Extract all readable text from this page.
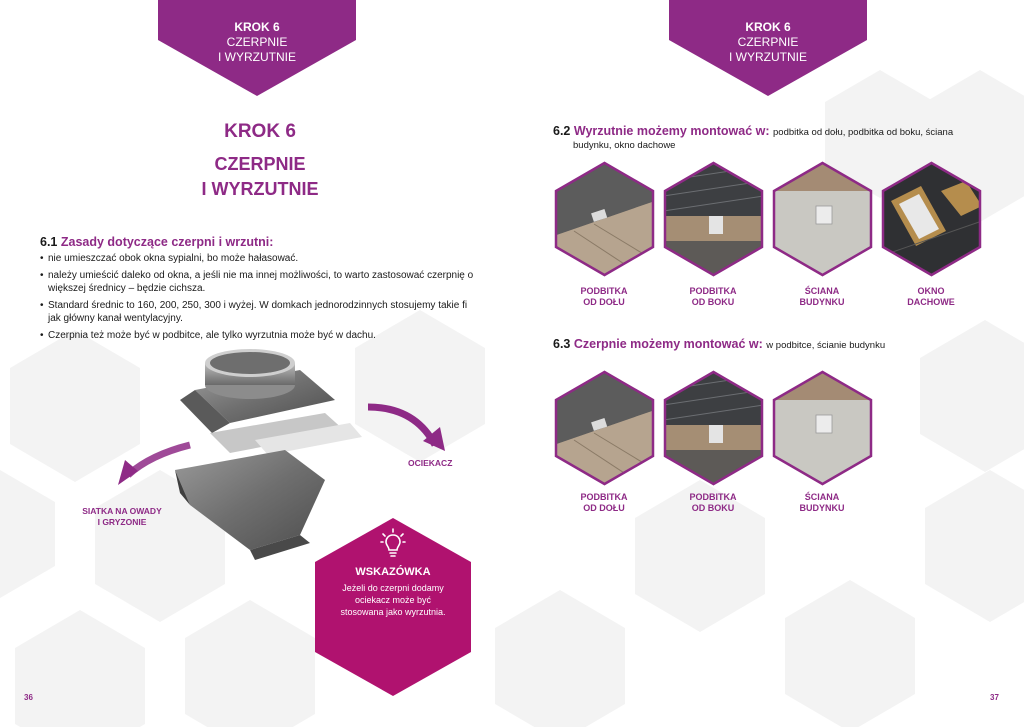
KROK 6
CZERPNIE
I WYRZUTNIE
KROK 6
CZERPNIE
I WYRZUTNIE
6.1 Zasady dotyczące czerpni i wrzutni:
• nie umieszczać obok okna sypialni, bo może hałasować.
• należy umieścić daleko od okna, a jeśli nie ma innej możliwości, to warto zastosować czerpnię o większej średnicy – będzie cichsza.
• Standard średnic to 160, 200, 250, 300 i wyżej. W domkach jednorodzinnych stosujemy takie fi jak główny kanał wentylacyjny.
• Czerpnia też może być w podbitce, ale tylko wyrzutnia może być w dachu.
OCIEKACZ
SIATKA NA OWADY
I GRYZONIE
WSKAZÓWKA
Jeżeli do czerpni dodamy ociekacz może być stosowana jako wyrzutnia.
36
KROK 6
CZERPNIE
I WYRZUTNIE
6.2 Wyrzutnie możemy montować w: podbitka od dołu, podbitka od boku, ściana
budynku, okno dachowe
PODBITKA
OD DOŁU
PODBITKA
OD BOKU
ŚCIANA
BUDYNKU
OKNO
DACHOWE
6.3 Czerpnie możemy montować w: w podbitce, ścianie budynku
PODBITKA
OD DOŁU
PODBITKA
OD BOKU
ŚCIANA
BUDYNKU
37
